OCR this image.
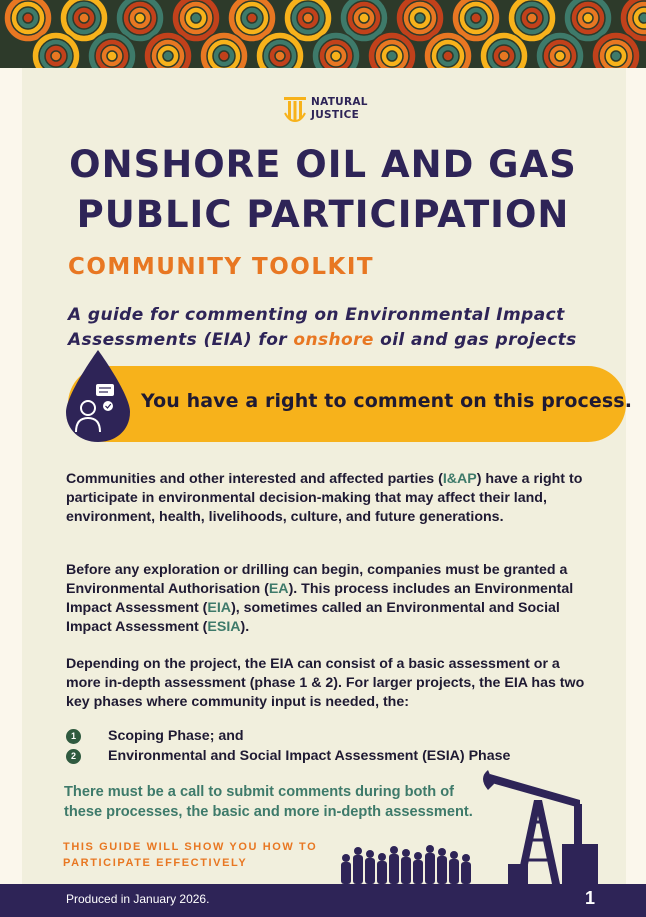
NATURAL JUSTICE
ONSHORE OIL AND GAS
PUBLIC PARTICIPATION
COMMUNITY TOOLKIT
A guide for commenting on Environmental Impact Assessments (EIA) for onshore oil and gas projects
You have a right to comment on this process.
Communities and other interested and affected parties (I&AP) have a right to participate in environmental decision-making that may affect their land, environment, health, livelihoods, culture, and future generations.
Before any exploration or drilling can begin, companies must be granted a Environmental Authorisation (EA). This process includes an Environmental Impact Assessment (EIA), sometimes called an Environmental and Social Impact Assessment (ESIA).
Depending on the project, the EIA can consist of a basic assessment or a more in-depth assessment (phase 1 & 2). For larger projects, the EIA has two key phases where community input is needed, the:
1	Scoping Phase; and
2	Environmental and Social Impact Assessment (ESIA) Phase
There must be a call to submit comments during both of these processes, the basic and more in-depth assessment.
THIS GUIDE WILL SHOW YOU HOW TO PARTICIPATE EFFECTIVELY
Produced in January 2026.	1
